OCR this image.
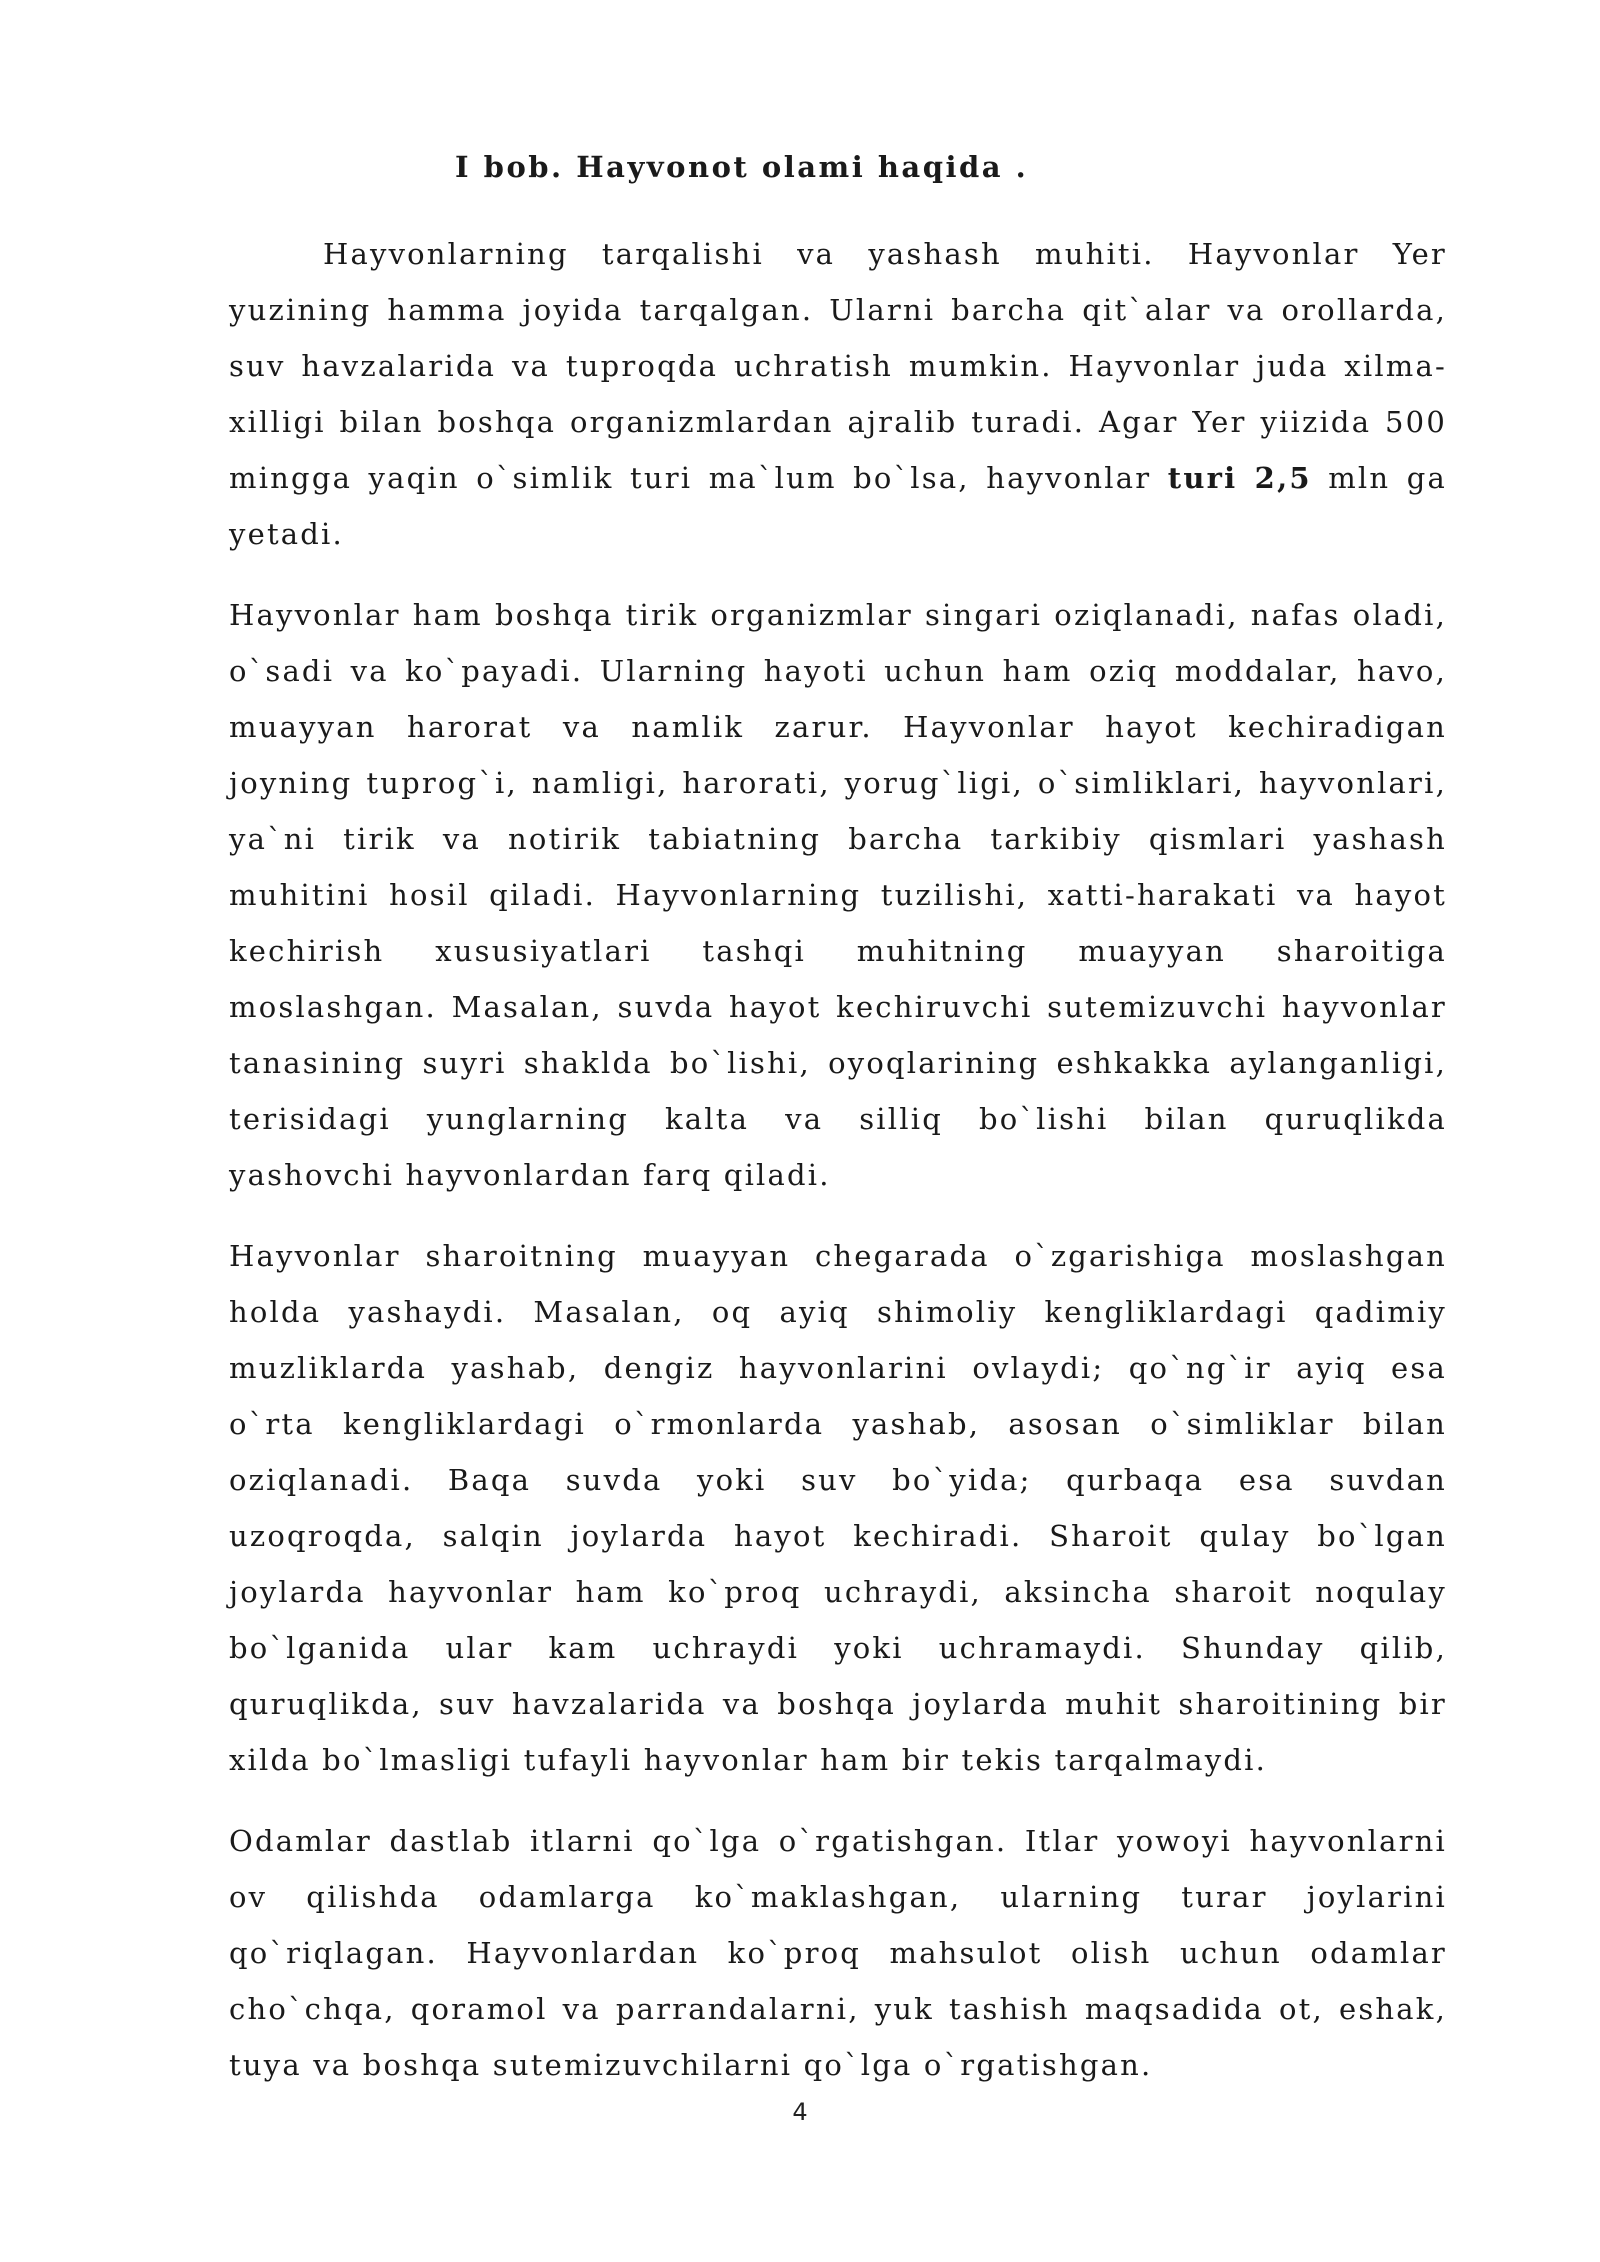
I bob. Hayvonot olami haqida .

Hayvonlarning tarqalishi va yashash muhiti. Hayvonlar Yer yuzining hamma joyida tarqalgan. Ularni barcha qit`alar va orollarda, suv havzalarida va tuproqda uchratish mumkin. Hayvonlar juda xilma-xilligi bilan boshqa organizmlardan ajralib turadi. Agar Yer yiizida 500 mingga yaqin o`simlik turi ma`lum bo`lsa, hayvonlar turi 2,5 mln ga yetadi.

Hayvonlar ham boshqa tirik organizmlar singari oziqlanadi, nafas oladi, o`sadi va ko`payadi. Ularning hayoti uchun ham oziq moddalar, havo, muayyan harorat va namlik zarur. Hayvonlar hayot kechiradigan joyning tuprog`i, namligi, harorati, yorug`ligi, o`simliklari, hayvonlari, ya`ni tirik va notirik tabiatning barcha tarkibiy qismlari yashash muhitini hosil qiladi. Hayvonlarning tuzilishi, xatti-harakati va hayot kechirish xususiyatlari tashqi muhitning muayyan sharoitiga moslashgan. Masalan, suvda hayot kechiruvchi sutemizuvchi hayvonlar tanasining suyri shaklda bo`lishi, oyoqlarining eshkakka aylanganligi, terisidagi yunglarning kalta va silliq bo`lishi bilan quruqlikda yashovchi hayvonlardan farq qiladi.

Hayvonlar sharoitning muayyan chegarada o`zgarishiga moslashgan holda yashaydi. Masalan, oq ayiq shimoliy kengliklardagi qadimiy muzliklarda yashab, dengiz hayvonlarini ovlaydi; qo`ng`ir ayiq esa o`rta kengliklardagi o`rmonlarda yashab, asosan o`simliklar bilan oziqlanadi. Baqa suvda yoki suv bo`yida; qurbaqa esa suvdan uzoqroqda, salqin joylarda hayot kechiradi. Sharoit qulay bo`lgan joylarda hayvonlar ham ko`proq uchraydi, aksincha sharoit noqulay bo`lganida ular kam uchraydi yoki uchramaydi. Shunday qilib, quruqlikda, suv havzalarida va boshqa joylarda muhit sharoitining bir xilda bo`lmasligi tufayli hayvonlar ham bir tekis tarqalmaydi.

Odamlar dastlab itlarni qo`lga o`rgatishgan. Itlar yowoyi hayvonlarni ov qilishda odamlarga ko`maklashgan, ularning turar joylarini qo`riqlagan. Hayvonlardan ko`proq mahsulot olish uchun odamlar cho`chqa, qoramol va parrandalarni, yuk tashish maqsadida ot, eshak, tuya va boshqa sutemizuvchilarni qo`lga o`rgatishgan.

4
